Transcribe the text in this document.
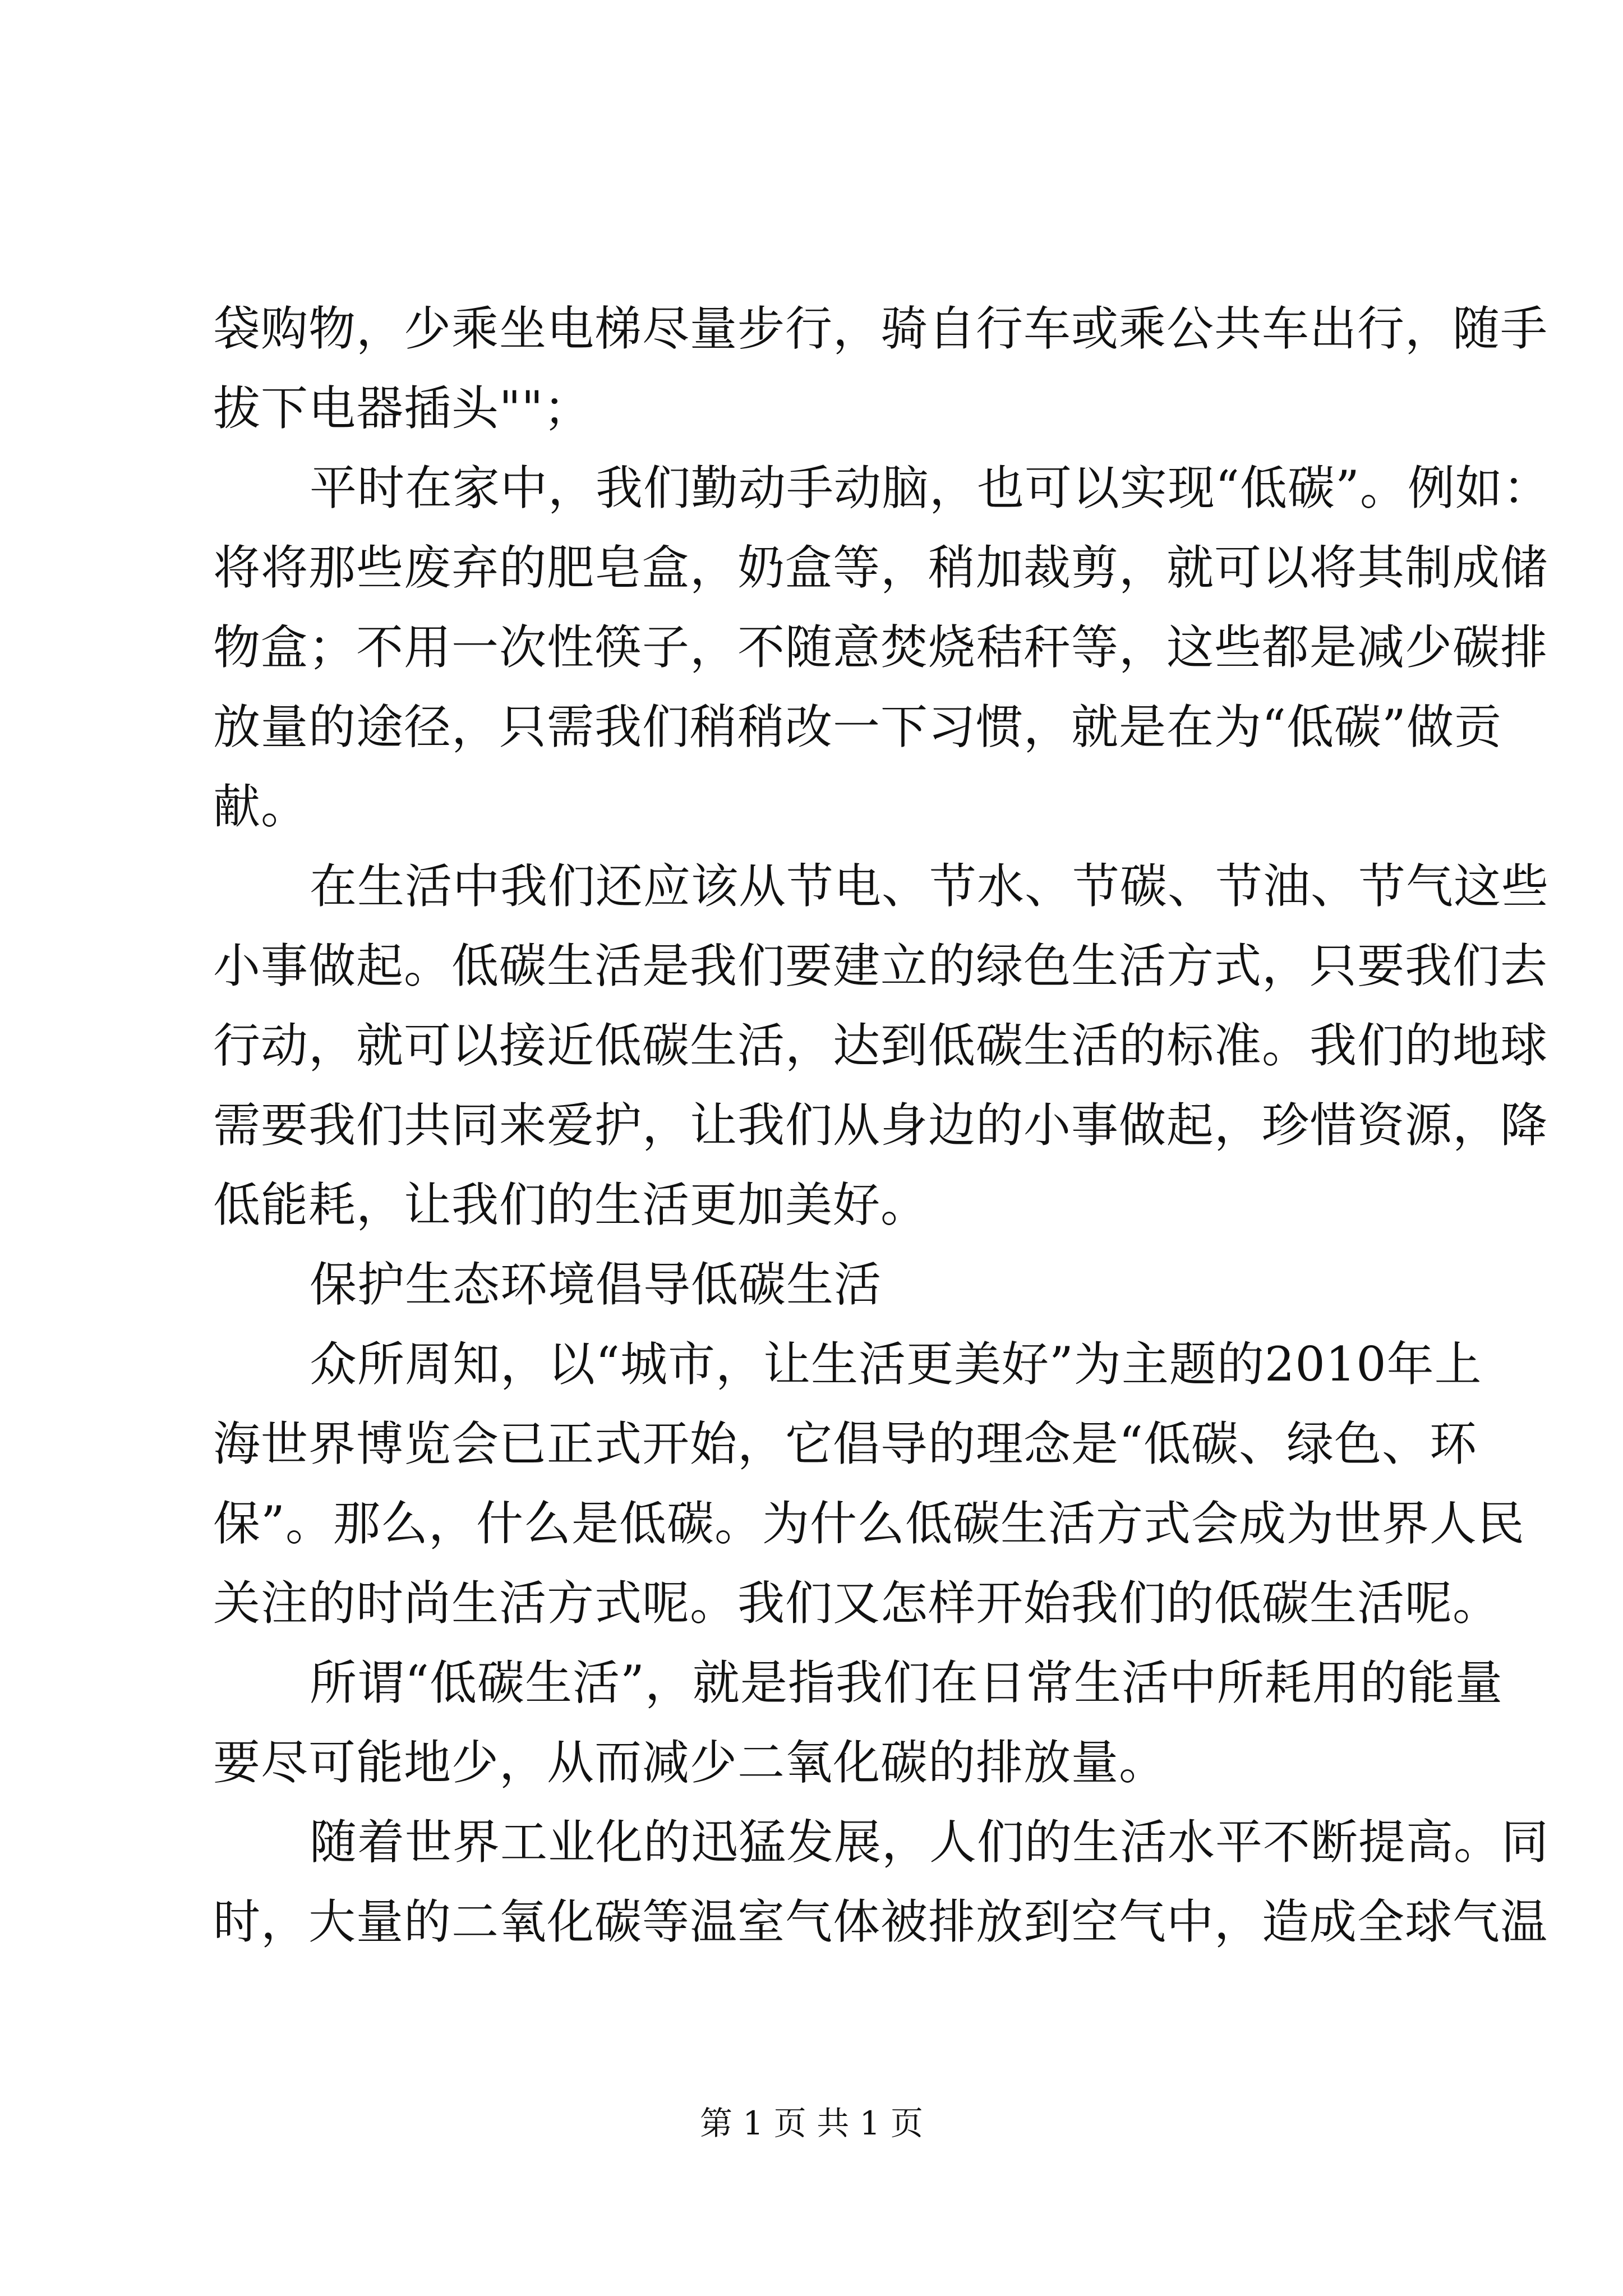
袋购物，少乘坐电梯尽量步行，骑自行车或乘公共车出行，随手
拔下电器插头""；
平时在家中，我们勤动手动脑，也可以实现“低碳”。例如：
将将那些废弃的肥皂盒，奶盒等，稍加裁剪，就可以将其制成储
物盒；不用一次性筷子，不随意焚烧秸秆等，这些都是减少碳排
放量的途径，只需我们稍稍改一下习惯，就是在为“低碳”做贡
献。
在生活中我们还应该从节电、节水、节碳、节油、节气这些
小事做起。低碳生活是我们要建立的绿色生活方式，只要我们去
行动，就可以接近低碳生活，达到低碳生活的标准。我们的地球
需要我们共同来爱护，让我们从身边的小事做起，珍惜资源，降
低能耗，让我们的生活更加美好。
保护生态环境倡导低碳生活
众所周知，以“城市，让生活更美好”为主题的2010年上
海世界博览会已正式开始，它倡导的理念是“低碳、绿色、环
保”。那么，什么是低碳。为什么低碳生活方式会成为世界人民
关注的时尚生活方式呢。我们又怎样开始我们的低碳生活呢。
所谓“低碳生活”，就是指我们在日常生活中所耗用的能量
要尽可能地少，从而减少二氧化碳的排放量。
随着世界工业化的迅猛发展，人们的生活水平不断提高。同
时，大量的二氧化碳等温室气体被排放到空气中，造成全球气温
第 1 页 共 1 页
